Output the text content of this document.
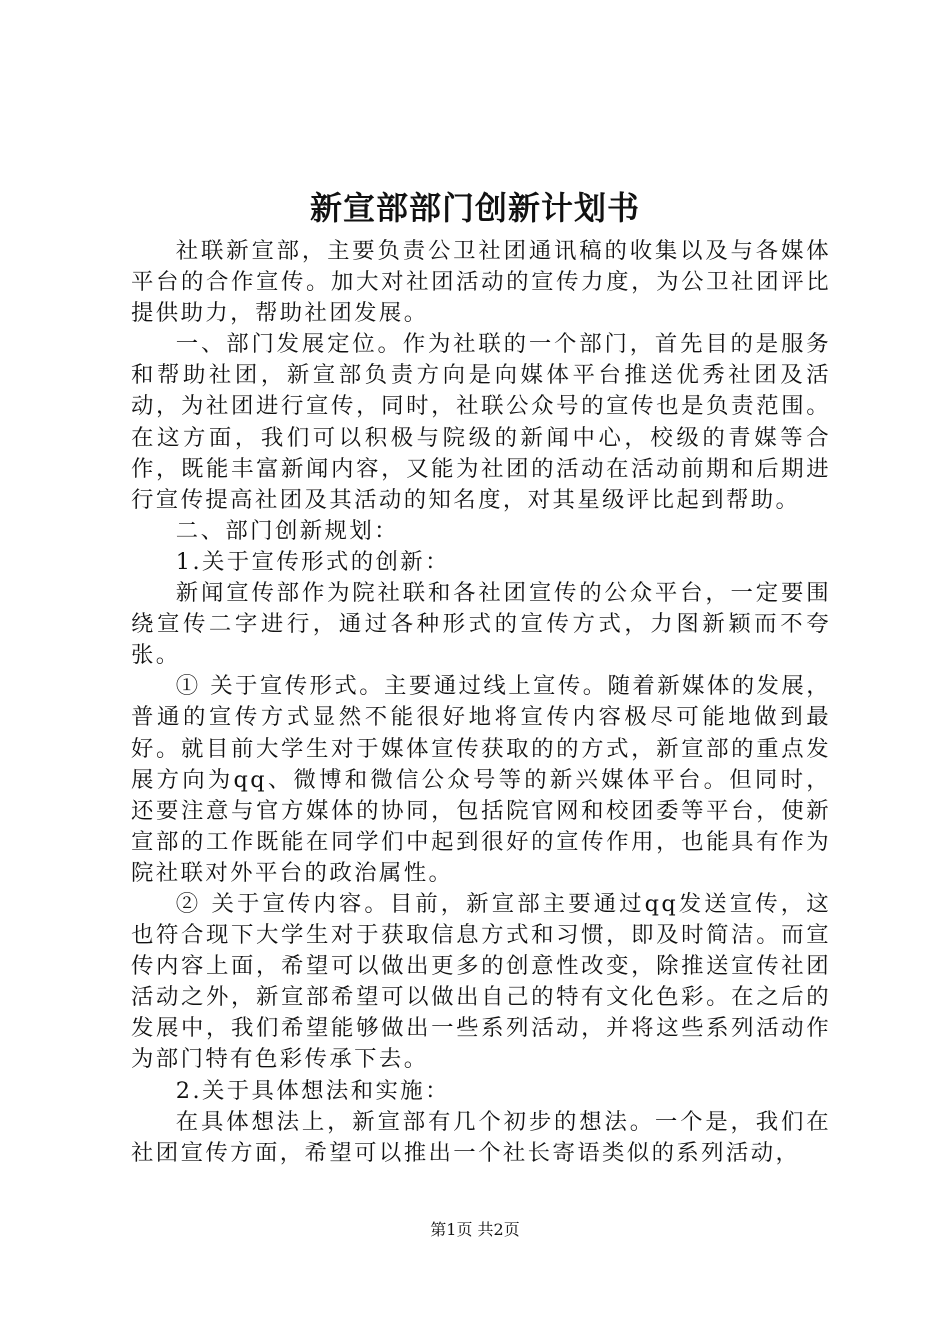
新宣部部门创新计划书

社联新宣部，主要负责公卫社团通讯稿的收集以及与各媒体平台的合作宣传。加大对社团活动的宣传力度，为公卫社团评比提供助力，帮助社团发展。

一、部门发展定位。作为社联的一个部门，首先目的是服务和帮助社团，新宣部负责方向是向媒体平台推送优秀社团及活动，为社团进行宣传，同时，社联公众号的宣传也是负责范围。在这方面，我们可以积极与院级的新闻中心，校级的青媒等合作，既能丰富新闻内容，又能为社团的活动在活动前期和后期进行宣传提高社团及其活动的知名度，对其星级评比起到帮助。

二、部门创新规划：

1.关于宣传形式的创新：

新闻宣传部作为院社联和各社团宣传的公众平台，一定要围绕宣传二字进行，通过各种形式的宣传方式，力图新颖而不夸张。

① 关于宣传形式。主要通过线上宣传。随着新媒体的发展，普通的宣传方式显然不能很好地将宣传内容极尽可能地做到最好。就目前大学生对于媒体宣传获取的的方式，新宣部的重点发展方向为qq、微博和微信公众号等的新兴媒体平台。但同时，还要注意与官方媒体的协同，包括院官网和校团委等平台，使新宣部的工作既能在同学们中起到很好的宣传作用，也能具有作为院社联对外平台的政治属性。

② 关于宣传内容。目前，新宣部主要通过qq发送宣传，这也符合现下大学生对于获取信息方式和习惯，即及时简洁。而宣传内容上面，希望可以做出更多的创意性改变，除推送宣传社团活动之外，新宣部希望可以做出自己的特有文化色彩。在之后的发展中，我们希望能够做出一些系列活动，并将这些系列活动作为部门特有色彩传承下去。

2.关于具体想法和实施：

在具体想法上，新宣部有几个初步的想法。一个是，我们在社团宣传方面，希望可以推出一个社长寄语类似的系列活动，

第1页 共2页
